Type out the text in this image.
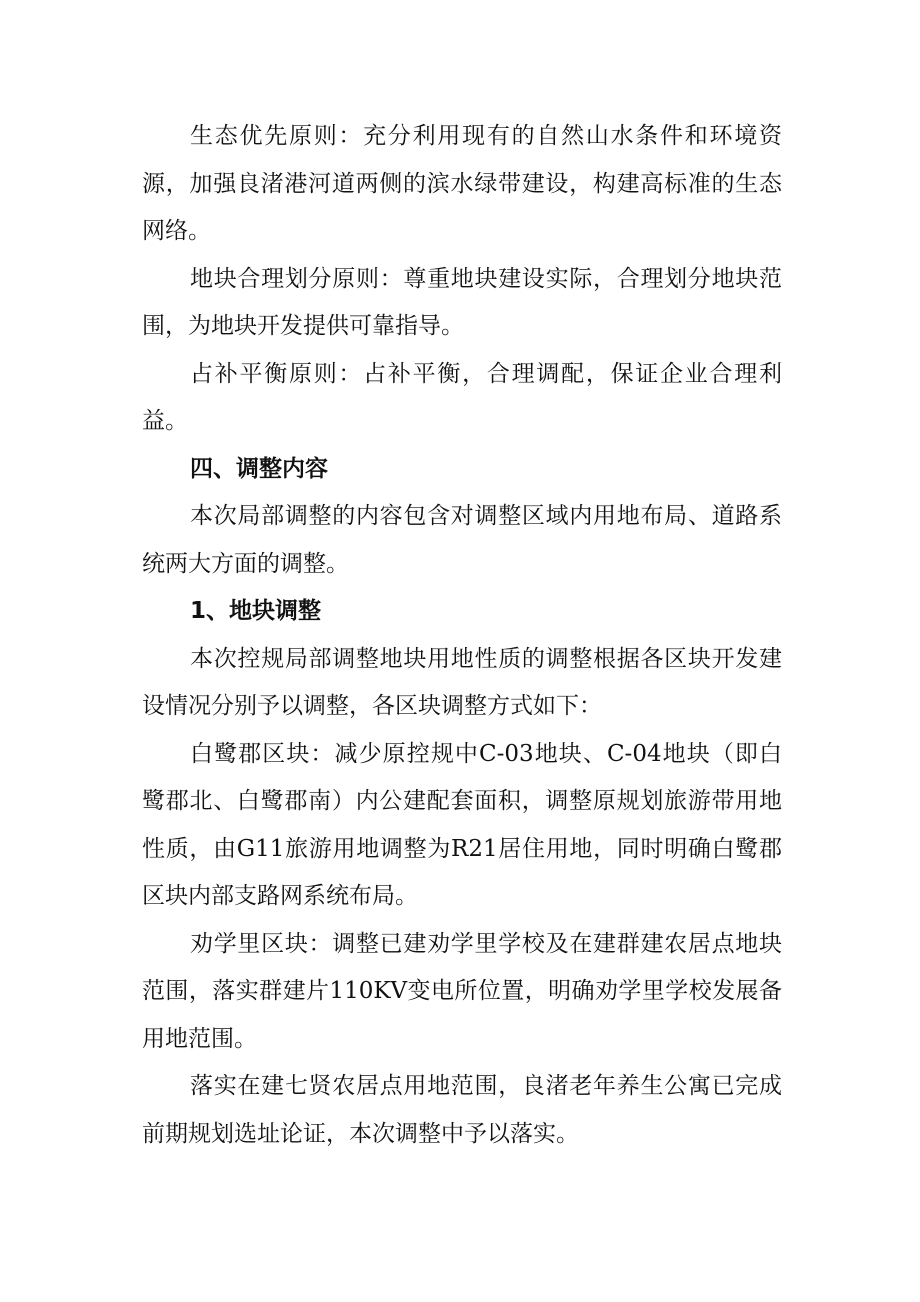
生态优先原则：充分利用现有的自然山水条件和环境资源，加强良渚港河道两侧的滨水绿带建设，构建高标准的生态网络。

地块合理划分原则：尊重地块建设实际，合理划分地块范围，为地块开发提供可靠指导。

占补平衡原则：占补平衡，合理调配，保证企业合理利益。

四、调整内容

本次局部调整的内容包含对调整区域内用地布局、道路系统两大方面的调整。

1、地块调整

本次控规局部调整地块用地性质的调整根据各区块开发建设情况分别予以调整，各区块调整方式如下：

白鹭郡区块：减少原控规中C-03地块、C-04地块（即白鹭郡北、白鹭郡南）内公建配套面积，调整原规划旅游带用地性质，由G11旅游用地调整为R21居住用地，同时明确白鹭郡区块内部支路网系统布局。

劝学里区块：调整已建劝学里学校及在建群建农居点地块范围，落实群建片110KV变电所位置，明确劝学里学校发展备用地范围。

落实在建七贤农居点用地范围，良渚老年养生公寓已完成前期规划选址论证，本次调整中予以落实。
